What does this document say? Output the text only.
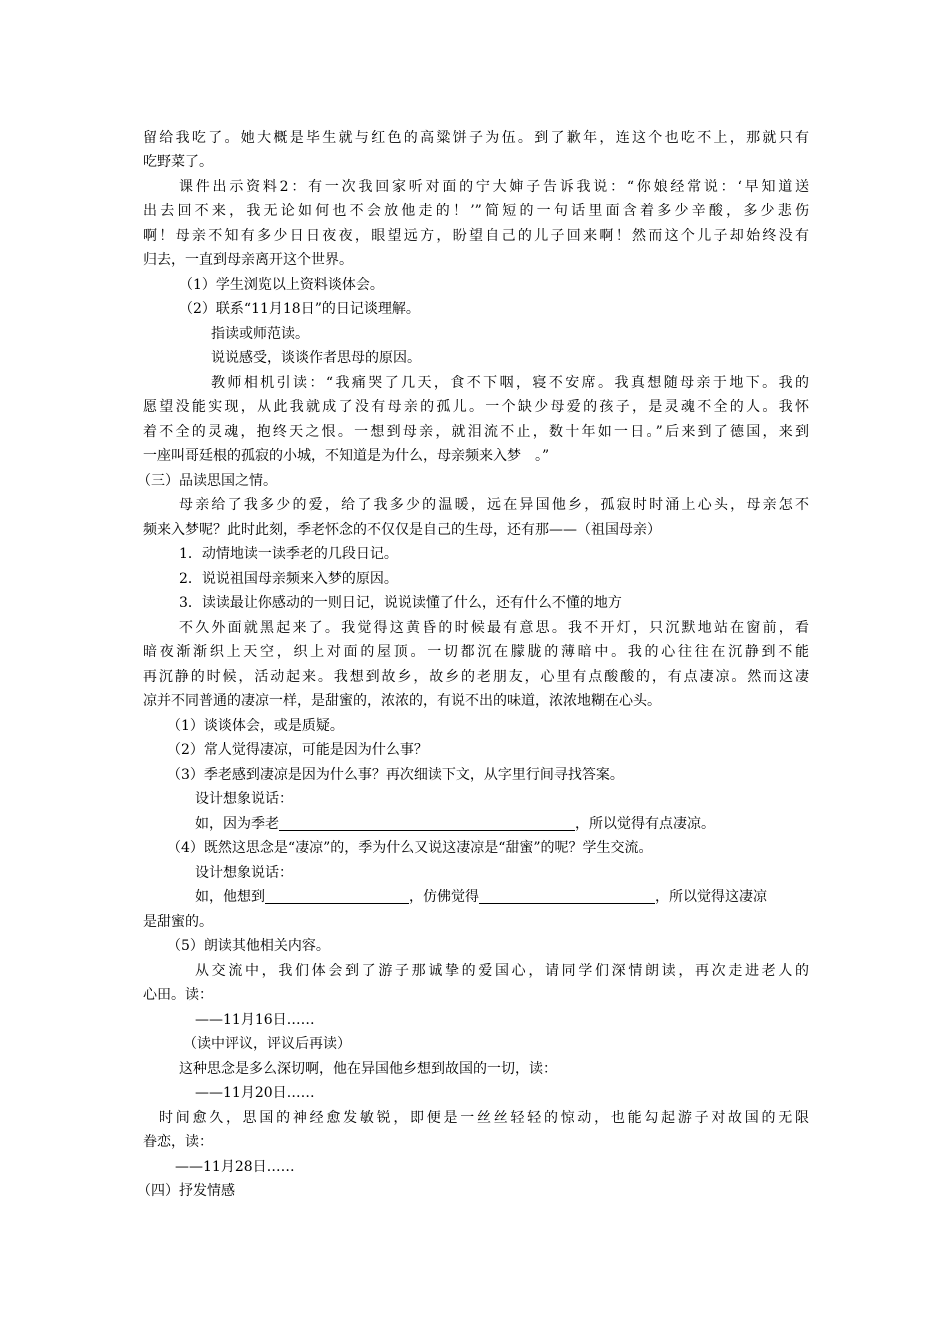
留给我吃了。她大概是毕生就与红色的高粱饼子为伍。到了歉年，连这个也吃不上，那就只有
吃野菜了。
课件出示资料2：有一次我回家听对面的宁大婶子告诉我说：“你娘经常说：‘早知道送
出去回不来，我无论如何也不会放他走的！’”简短的一句话里面含着多少辛酸，多少悲伤
啊！母亲不知有多少日日夜夜，眼望远方，盼望自己的儿子回来啊！然而这个儿子却始终没有
归去，一直到母亲离开这个世界。
（1）学生浏览以上资料谈体会。
（2）联系“11月18日”的日记谈理解。
指读或师范读。
说说感受，谈谈作者思母的原因。
教师相机引读：“我痛哭了几天，食不下咽，寝不安席。我真想随母亲于地下。我的
愿望没能实现，从此我就成了没有母亲的孤儿。一个缺少母爱的孩子，是灵魂不全的人。我怀
着不全的灵魂，抱终天之恨。一想到母亲，就泪流不止，数十年如一日。”后来到了德国，来到
一座叫哥廷根的孤寂的小城，不知道是为什么，母亲频来入梦　。”
（三）品读思国之情。
母亲给了我多少的爱，给了我多少的温暖，远在异国他乡，孤寂时时涌上心头，母亲怎不
频来入梦呢？此时此刻，季老怀念的不仅仅是自己的生母，还有那——（祖国母亲）
1．动情地读一读季老的几段日记。
2．说说祖国母亲频来入梦的原因。
3．读读最让你感动的一则日记，说说读懂了什么，还有什么不懂的地方
不久外面就黑起来了。我觉得这黄昏的时候最有意思。我不开灯，只沉默地站在窗前，看
暗夜渐渐织上天空，织上对面的屋顶。一切都沉在朦胧的薄暗中。我的心往往在沉静到不能
再沉静的时候，活动起来。我想到故乡，故乡的老朋友，心里有点酸酸的，有点凄凉。然而这凄
凉并不同普通的凄凉一样，是甜蜜的，浓浓的，有说不出的味道，浓浓地糊在心头。
（1）谈谈体会，或是质疑。
（2）常人觉得凄凉，可能是因为什么事？
（3）季老感到凄凉是因为什么事？再次细读下文，从字里行间寻找答案。
设计想象说话：
如，因为季老	，所以觉得有点凄凉。
（4）既然这思念是“凄凉”的，季为什么又说这凄凉是“甜蜜”的呢？学生交流。
设计想象说话：
如，他想到	，仿佛觉得	，所以觉得这凄凉
是甜蜜的。
（5）朗读其他相关内容。
从交流中，我们体会到了游子那诚挚的爱国心，请同学们深情朗读，再次走进老人的
心田。读：
——11月16日……
（读中评议，评议后再读）
这种思念是多么深切啊，他在异国他乡想到故国的一切，读：
——11月20日……
时间愈久，思国的神经愈发敏锐，即便是一丝丝轻轻的惊动，也能勾起游子对故国的无限
眷恋，读：
——11月28日……
（四）抒发情感
